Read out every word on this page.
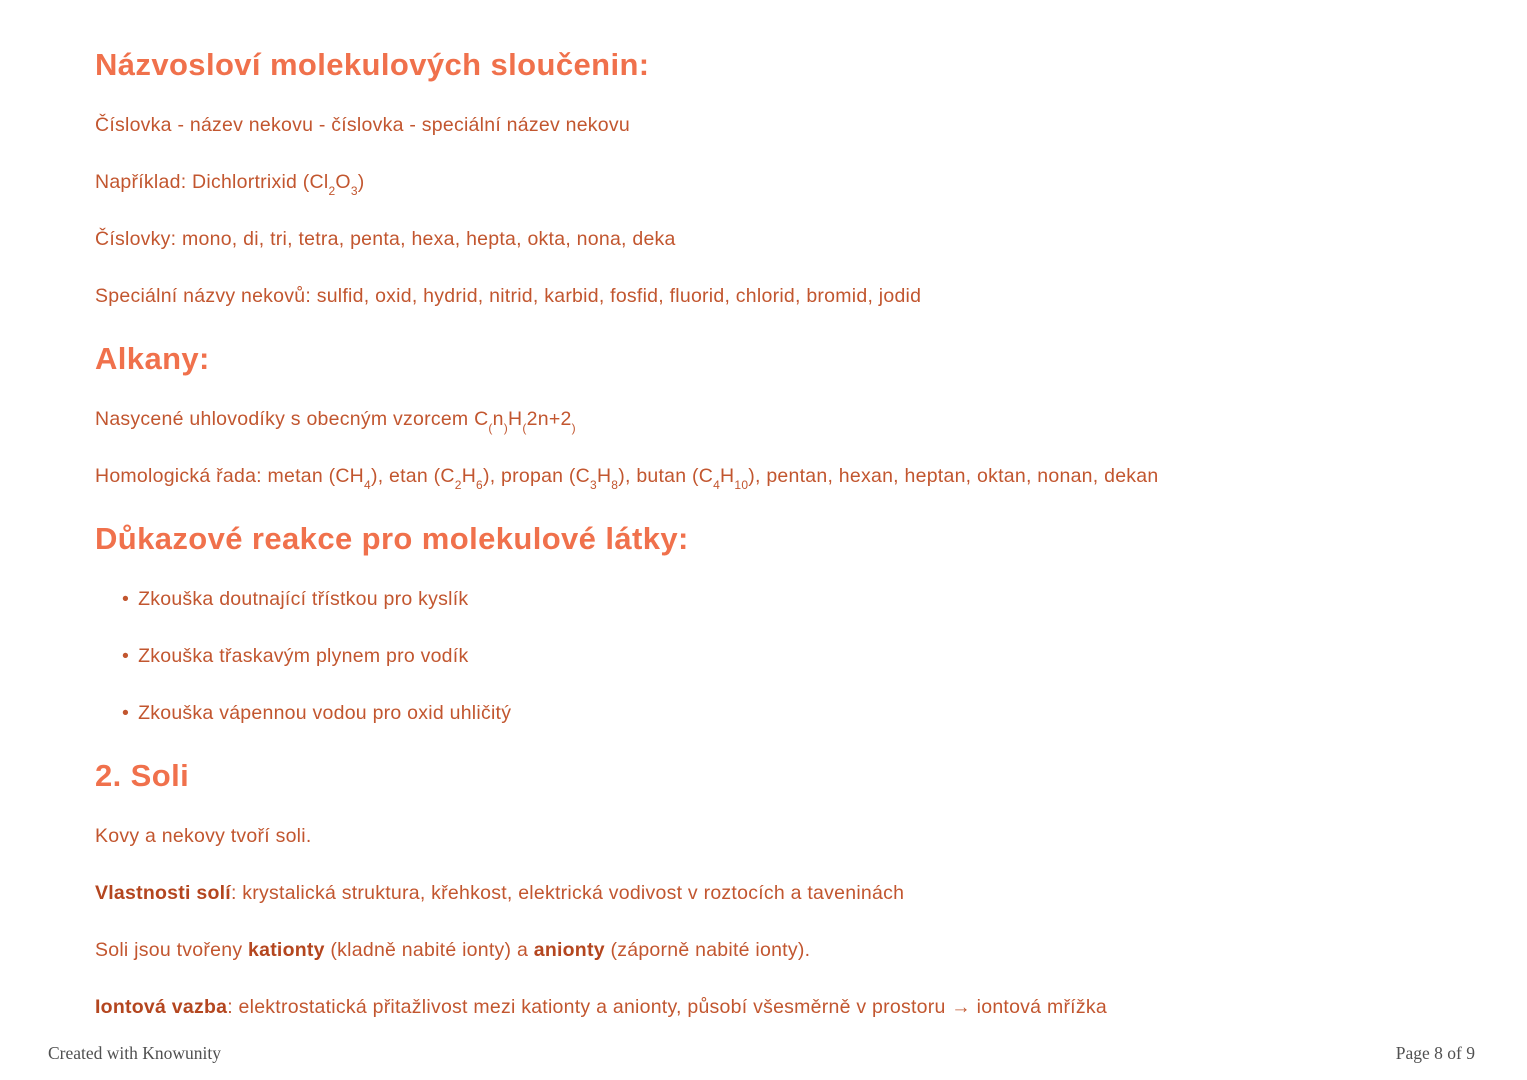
Názvosloví molekulových sloučenin:

Číslovka - název nekovu - číslovka - speciální název nekovu

Například: Dichlortrixid $(Cl_2O_3)$

Číslovky: mono, di, tri, tetra, penta, hexa, hepta, okta, nona, deka

Speciální názvy nekovů: sulfid, oxid, hydrid, nitrid, karbid, fosfid, fluorid, chlorid, bromid, jodid

Alkany:

Nasycené uhlovodíky s obecným vzorcem $C_(n_)H_(2n+2_)$

Homologická řada: metan $(CH_4)$, etan $(C_2H_6)$, propan $(C_3H_8)$, butan $(C_4H_{10})$, pentan, hexan, heptan, oktan, nonan, dekan

Důkazové reakce pro molekulové látky:

• Zkouška doutnající třístkou pro kyslík

• Zkouška třaskavým plynem pro vodík

• Zkouška vápennou vodou pro oxid uhličitý

2. Soli

Kovy a nekovy tvoří soli.

Vlastnosti solí: krystalická struktura, křehkost, elektrická vodivost v roztocích a taveninách

Soli jsou tvořeny kationty (kladně nabité ionty) a anionty (záporně nabité ionty).

Iontová vazba: elektrostatická přitažlivost mezi kationty a anionty, působí všesměrně v prostoru → iontová mřížka

Created with Knowunity	Page 8 of 9
